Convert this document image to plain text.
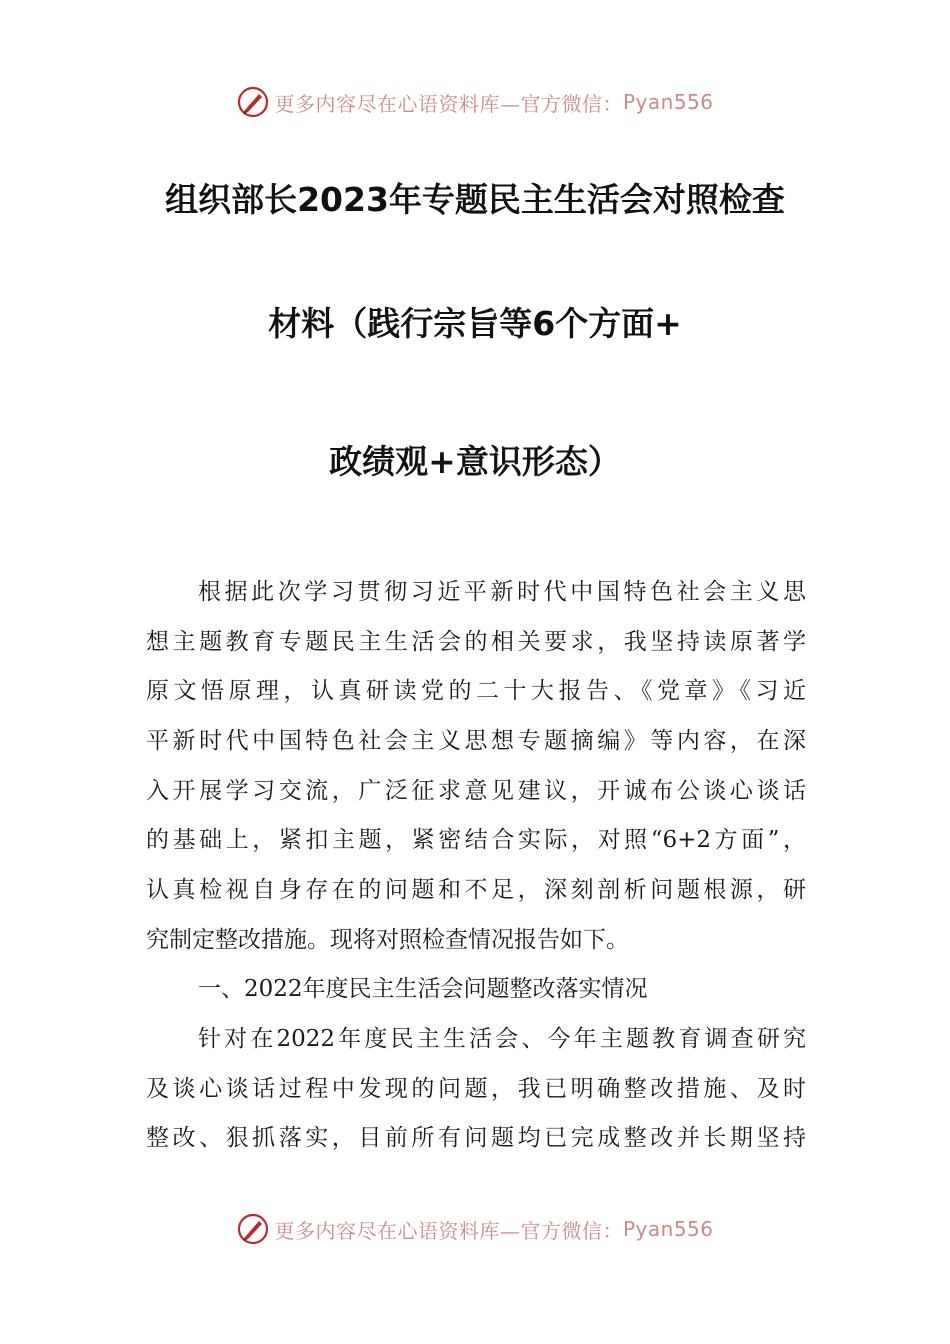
更多内容尽在心语资料库—官方微信： Pyan556
组织部长2023年专题民主生活会对照检查
材料（践行宗旨等6个方面+
政绩观+意识形态）
根据此次学习贯彻习近平新时代中国特色社会主义思
想主题教育专题民主生活会的相关要求，我坚持读原著学
原文悟原理，认真研读党的二十大报告、《党章》《习近
平新时代中国特色社会主义思想专题摘编》等内容，在深
入开展学习交流，广泛征求意见建议，开诚布公谈心谈话
的基础上，紧扣主题，紧密结合实际，对照“6+2方面”，
认真检视自身存在的问题和不足，深刻剖析问题根源，研
究制定整改措施。现将对照检查情况报告如下。
一、2022年度民主生活会问题整改落实情况
针对在2022年度民主生活会、今年主题教育调查研究
及谈心谈话过程中发现的问题，我已明确整改措施、及时
整改、狠抓落实，目前所有问题均已完成整改并长期坚持
更多内容尽在心语资料库—官方微信： Pyan556
